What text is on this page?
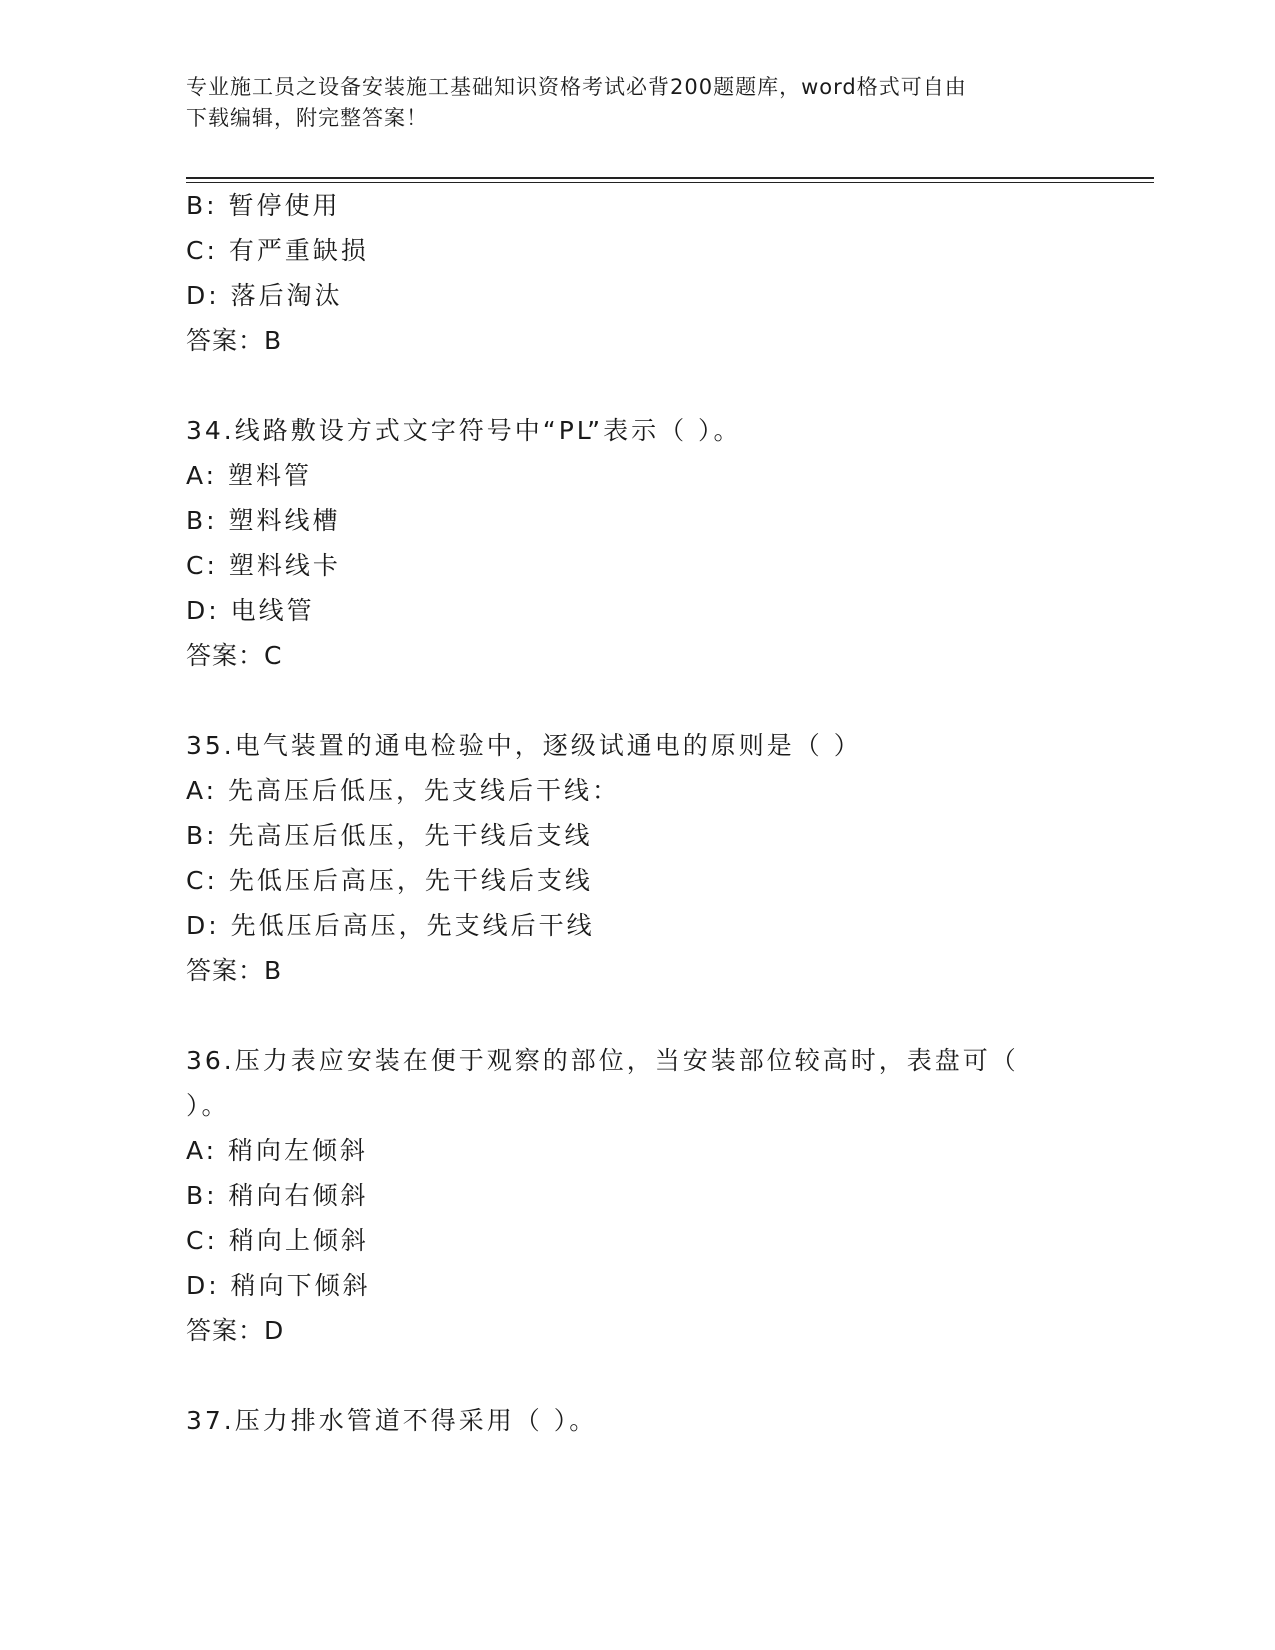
专业施工员之设备安装施工基础知识资格考试必背200题题库，word格式可自由
下载编辑，附完整答案！
B: 暂停使用
C: 有严重缺损
D: 落后淘汰
答案：B
34.线路敷设方式文字符号中“PL”表示（ ）。
A: 塑料管
B: 塑料线槽
C: 塑料线卡
D: 电线管
答案：C
35.电气装置的通电检验中，逐级试通电的原则是（ ）
A: 先高压后低压，先支线后干线：
B: 先高压后低压，先干线后支线
C: 先低压后高压，先干线后支线
D: 先低压后高压，先支线后干线
答案：B
36.压力表应安装在便于观察的部位，当安装部位较高时，表盘可（
）。
A: 稍向左倾斜
B: 稍向右倾斜
C: 稍向上倾斜
D: 稍向下倾斜
答案：D
37.压力排水管道不得采用（ ）。
